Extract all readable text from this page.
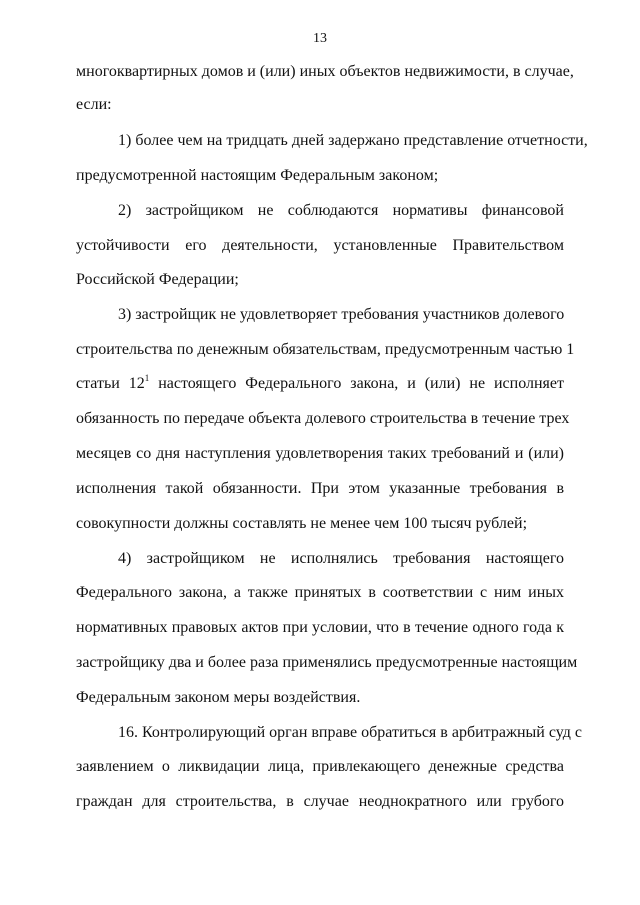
13
многоквартирных домов и (или) иных объектов недвижимости, в случае,
если:
1) более чем на тридцать дней задержано представление отчетности,
предусмотренной настоящим Федеральным законом;
2) застройщиком не соблюдаются нормативы финансовой
устойчивости его деятельности, установленные Правительством
Российской Федерации;
3) застройщик не удовлетворяет требования участников долевого
строительства по денежным обязательствам, предусмотренным частью 1
статьи $12^1$ настоящего Федерального закона, и (или) не исполняет
обязанность по передаче объекта долевого строительства в течение трех
месяцев со дня наступления удовлетворения таких требований и (или)
исполнения такой обязанности. При этом указанные требования в
совокупности должны составлять не менее чем 100 тысяч рублей;
4) застройщиком не исполнялись требования настоящего
Федерального закона, а также принятых в соответствии с ним иных
нормативных правовых актов при условии, что в течение одного года к
застройщику два и более раза применялись предусмотренные настоящим
Федеральным законом меры воздействия.
16. Контролирующий орган вправе обратиться в арбитражный суд с
заявлением о ликвидации лица, привлекающего денежные средства
граждан для строительства, в случае неоднократного или грубого
